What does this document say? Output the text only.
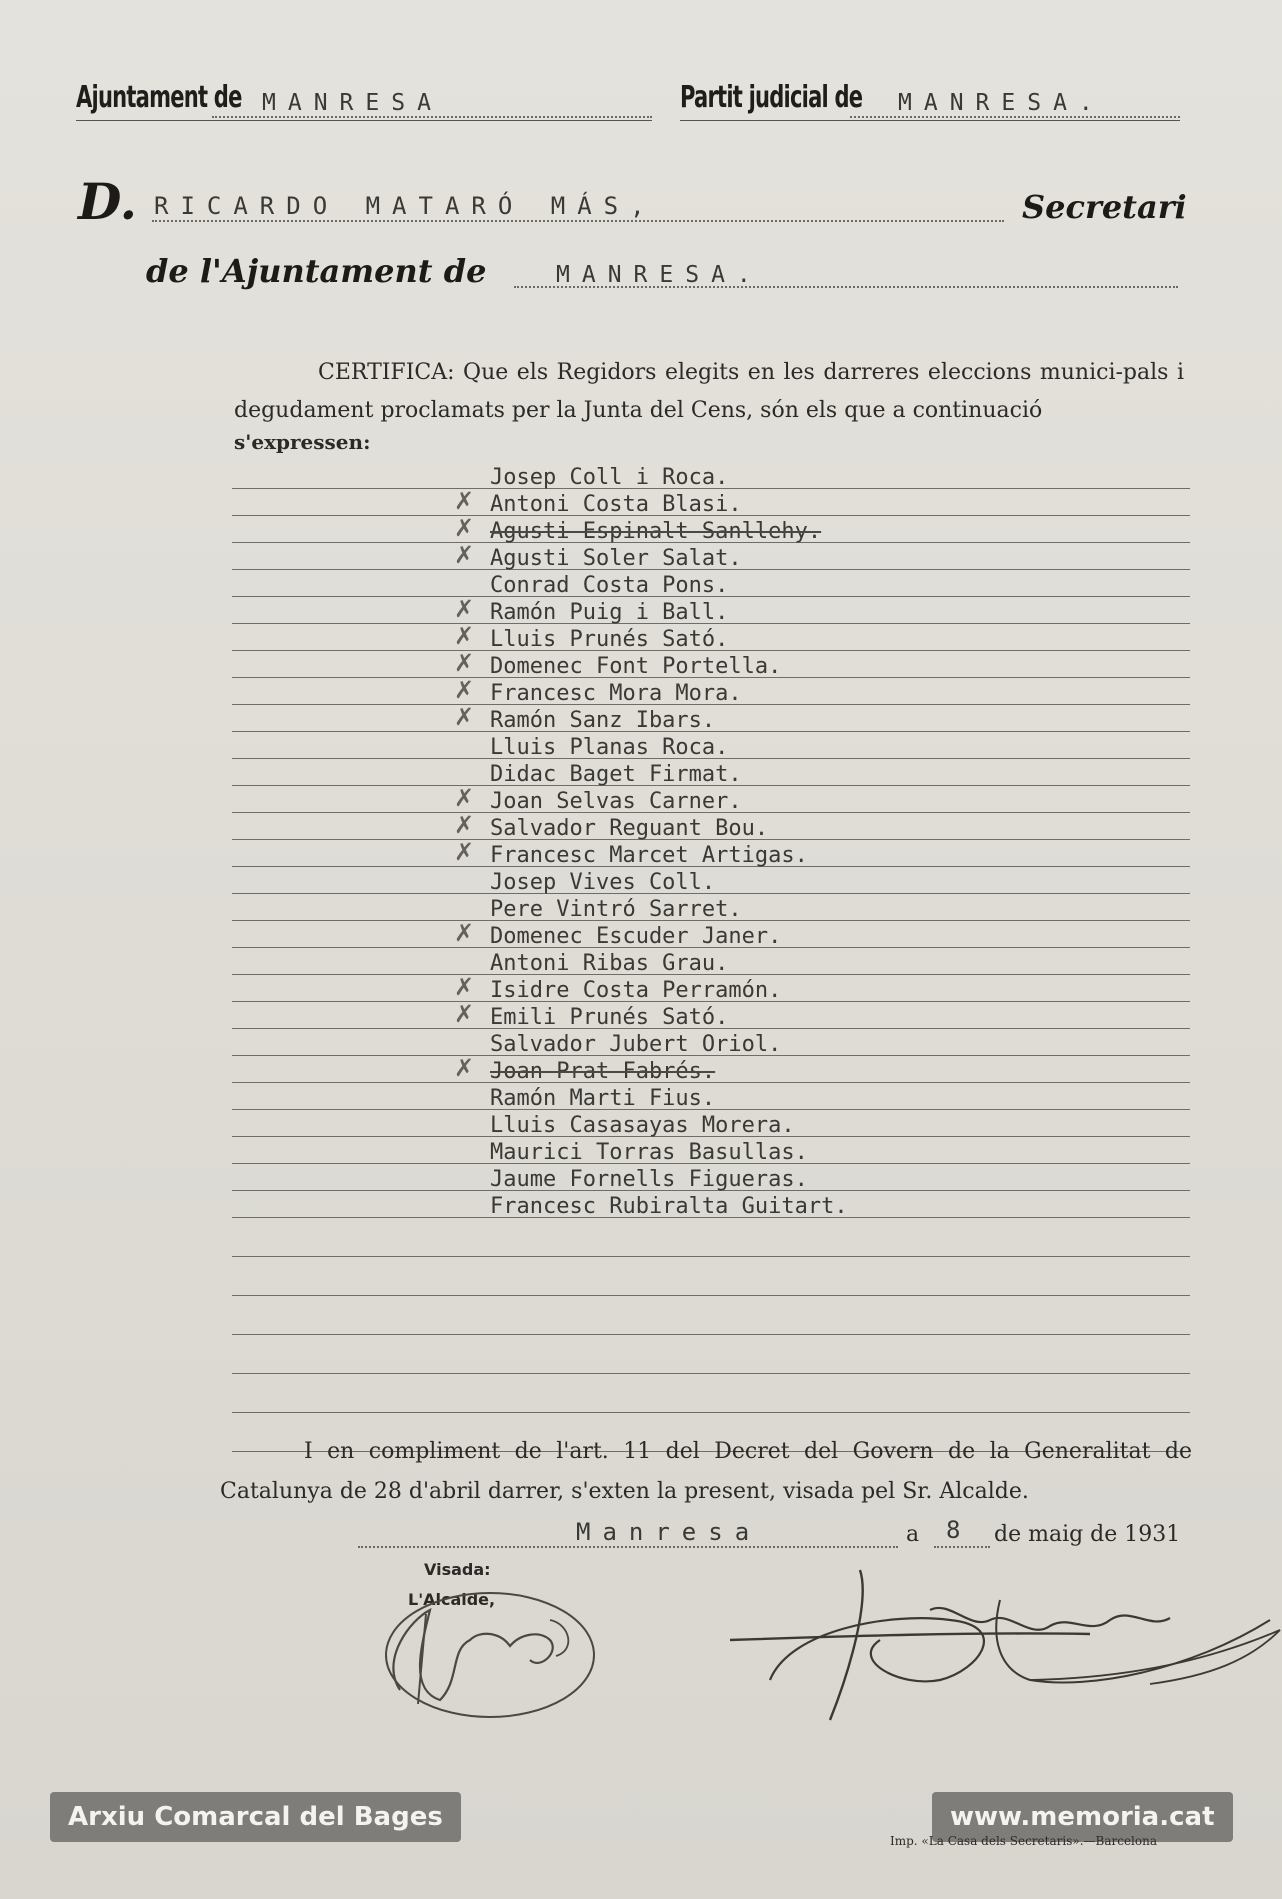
Ajuntament de MANRESA	Partit judicial de MANRESA.
D. RICARDO MATARÓ MÁS,	Secretari
de l'Ajuntament de	MANRESA.
CERTIFICA: Que els Regidors elegits en les darreres eleccions munici-pals i degudament proclamats per la Junta del Cens, són els que a continuació
s'expressen:
Josep Coll i Roca.
✗ Antoni Costa Blasi.
✗ Agusti Espinalt Sanllehy.
✗ Agusti Soler Salat.
Conrad Costa Pons.
✗ Ramón Puig i Ball.
✗ Lluis Prunés Sató.
✗ Domenec Font Portella.
✗ Francesc Mora Mora.
✗ Ramón Sanz Ibars.
Lluis Planas Roca.
Didac Baget Firmat.
✗ Joan Selvas Carner.
✗ Salvador Reguant Bou.
✗ Francesc Marcet Artigas.
Josep Vives Coll.
Pere Vintró Sarret.
✗ Domenec Escuder Janer.
Antoni Ribas Grau.
✗ Isidre Costa Perramón.
✗ Emili Prunés Sató.
Salvador Jubert Oriol.
✗ Joan Prat Fabrés.
Ramón Marti Fius.
Lluis Casasayas Morera.
Maurici Torras Basullas.
Jaume Fornells Figueras.
Francesc Rubiralta Guitart.
I en compliment de l'art. 11 del Decret del Govern de la Generalitat de Catalunya de 28 d'abril darrer, s'exten la present, visada pel Sr. Alcalde.
Manresa	a 8 de maig de 1931
Visada:
L'Alcalde,
Arxiu Comarcal del Bages	www.memoria.cat
Imp. «La Casa dels Secretaris».—Barcelona
